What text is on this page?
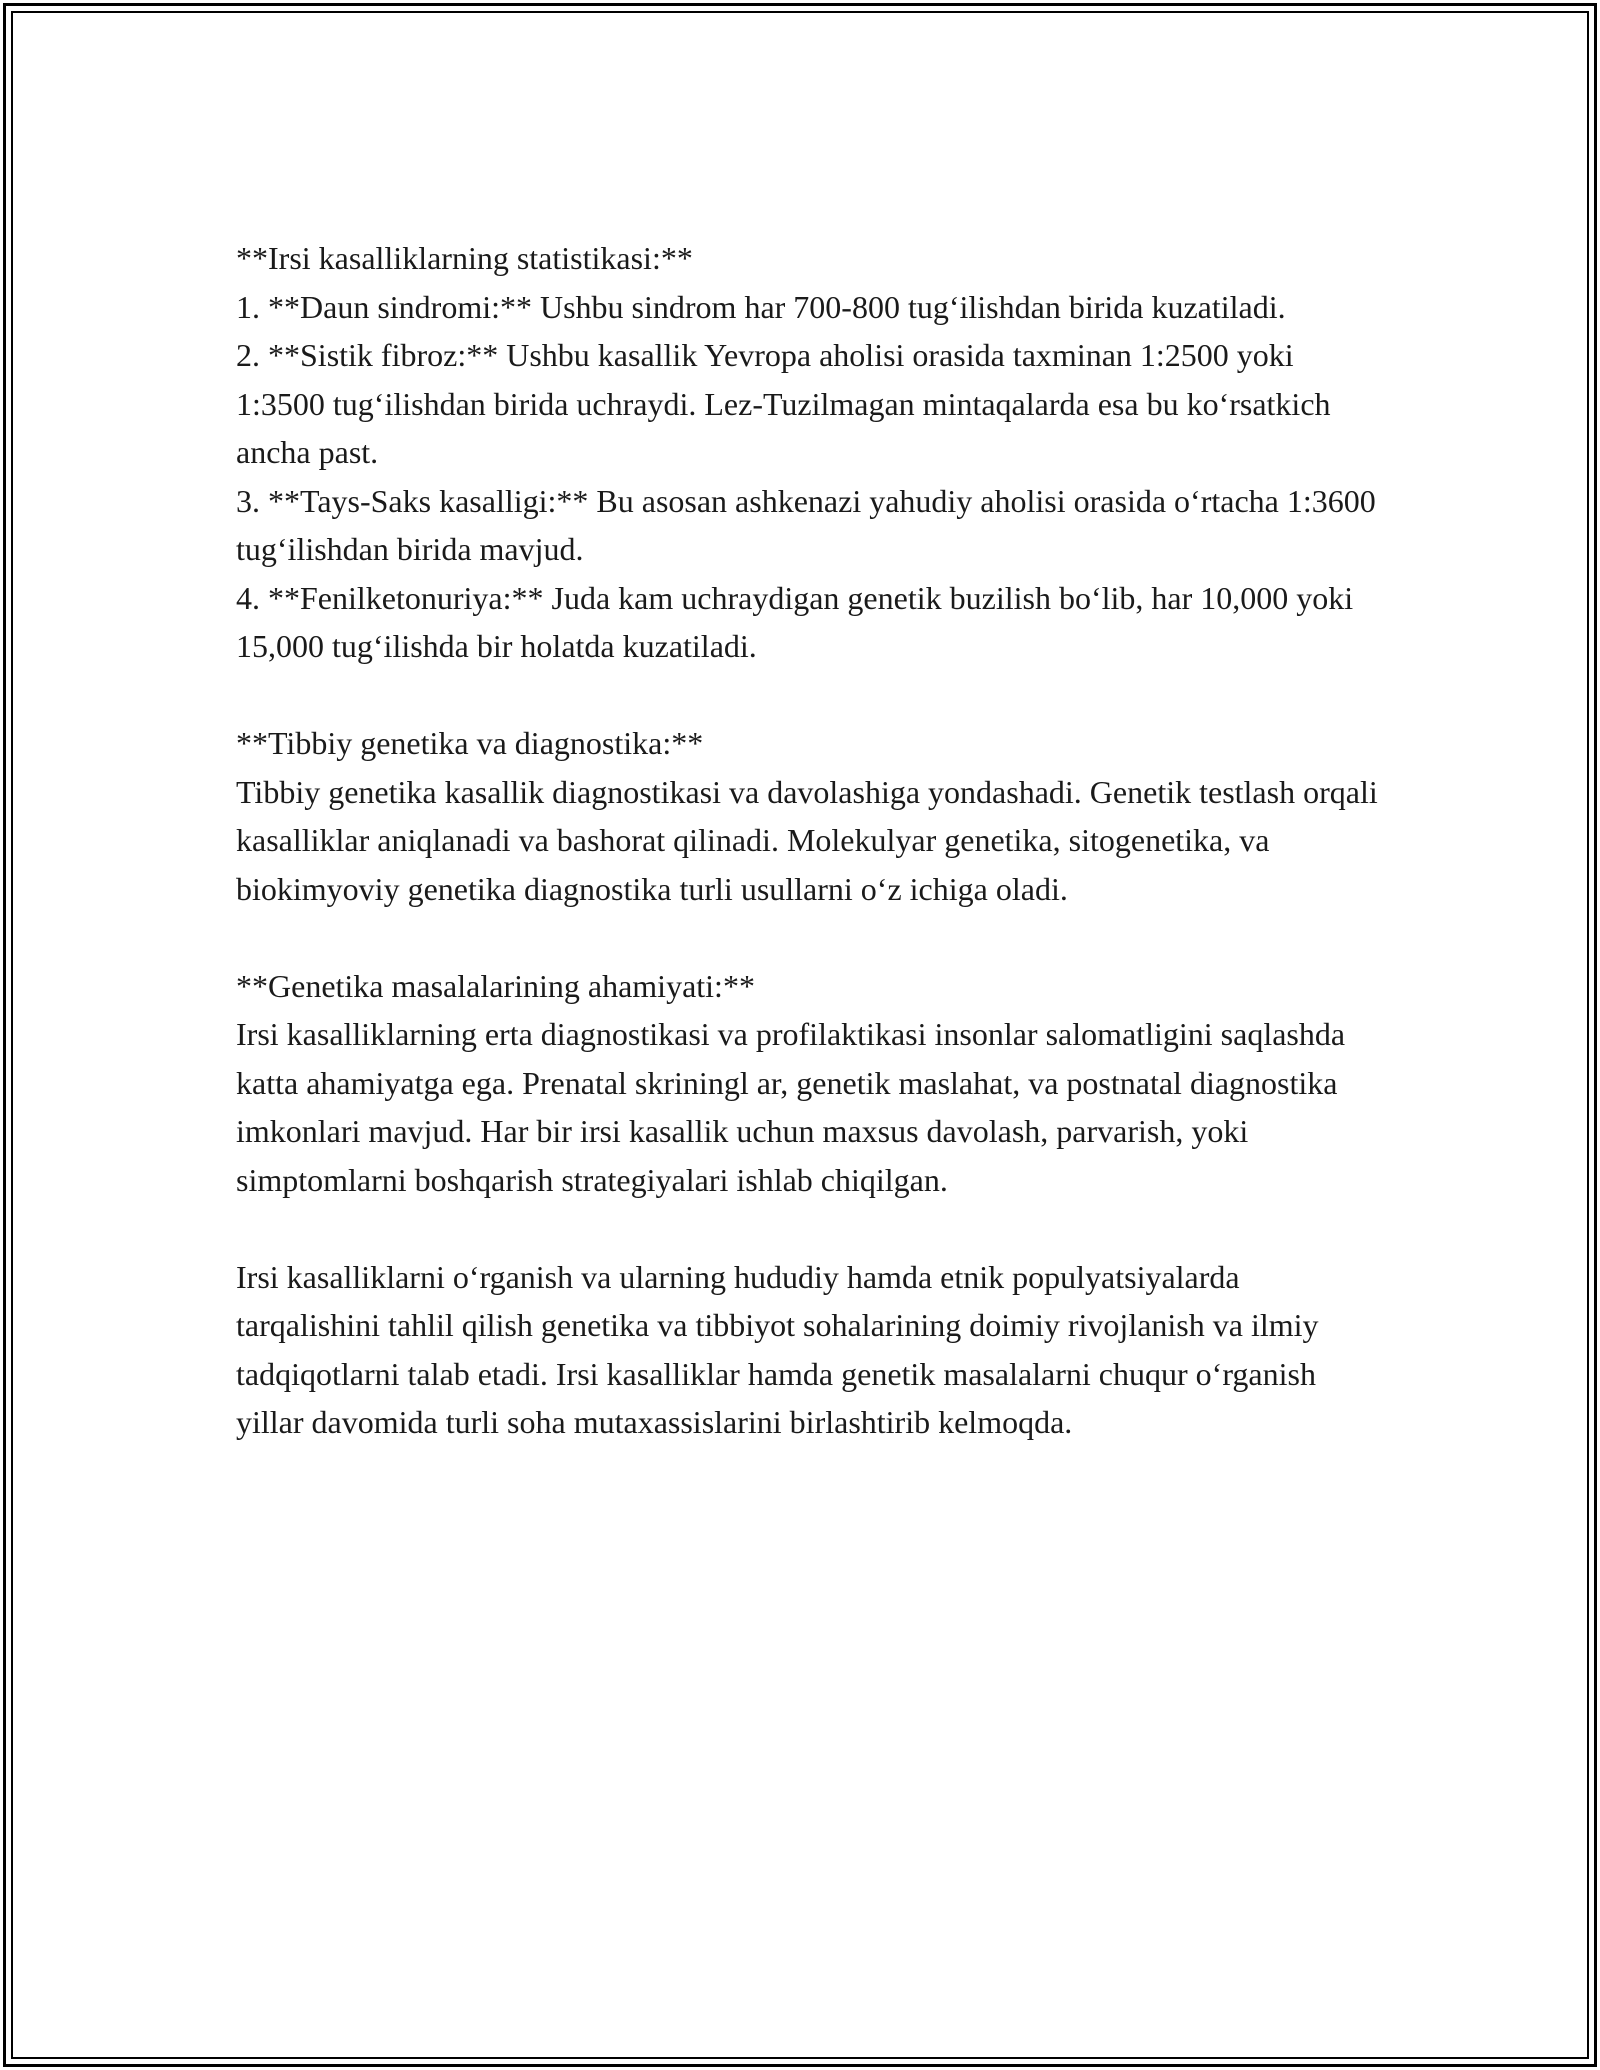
**Irsi kasalliklarning statistikasi:**

1. **Daun sindromi:** Ushbu sindrom har 700-800 tug‘ilishdan birida kuzatiladi.

2. **Sistik fibroz:** Ushbu kasallik Yevropa aholisi orasida taxminan 1:2500 yoki 1:3500 tug‘ilishdan birida uchraydi. Lez-Tuzilmagan mintaqalarda esa bu ko‘rsatkich ancha past.

3. **Tays-Saks kasalligi:** Bu asosan ashkenazi yahudiy aholisi orasida o‘rtacha 1:3600 tug‘ilishdan birida mavjud.

4. **Fenilketonuriya:** Juda kam uchraydigan genetik buzilish bo‘lib, har 10,000 yoki 15,000 tug‘ilishda bir holatda kuzatiladi.

**Tibbiy genetika va diagnostika:**

Tibbiy genetika kasallik diagnostikasi va davolashiga yondashadi. Genetik testlash orqali kasalliklar aniqlanadi va bashorat qilinadi. Molekulyar genetika, sitogenetika, va biokimyoviy genetika diagnostika turli usullarni o‘z ichiga oladi.

**Genetika masalalarining ahamiyati:**

Irsi kasalliklarning erta diagnostikasi va profilaktikasi insonlar salomatligini saqlashda katta ahamiyatga ega. Prenatal skriningl ar, genetik maslahat, va postnatal diagnostika imkonlari mavjud. Har bir irsi kasallik uchun maxsus davolash, parvarish, yoki simptomlarni boshqarish strategiyalari ishlab chiqilgan.

Irsi kasalliklarni o‘rganish va ularning hududiy hamda etnik populyatsiyalarda tarqalishini tahlil qilish genetika va tibbiyot sohalarining doimiy rivojlanish va ilmiy tadqiqotlarni talab etadi. Irsi kasalliklar hamda genetik masalalarni chuqur o‘rganish yillar davomida turli soha mutaxassislarini birlashtirib kelmoqda.
